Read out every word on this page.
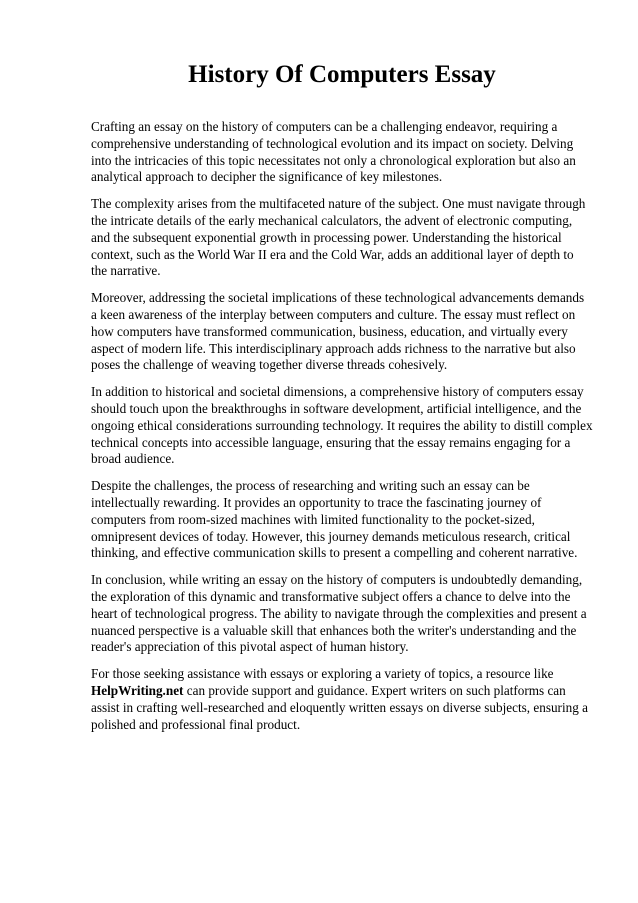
History Of Computers Essay

Crafting an essay on the history of computers can be a challenging endeavor, requiring a comprehensive understanding of technological evolution and its impact on society. Delving into the intricacies of this topic necessitates not only a chronological exploration but also an analytical approach to decipher the significance of key milestones.

The complexity arises from the multifaceted nature of the subject. One must navigate through the intricate details of the early mechanical calculators, the advent of electronic computing, and the subsequent exponential growth in processing power. Understanding the historical context, such as the World War II era and the Cold War, adds an additional layer of depth to the narrative.

Moreover, addressing the societal implications of these technological advancements demands a keen awareness of the interplay between computers and culture. The essay must reflect on how computers have transformed communication, business, education, and virtually every aspect of modern life. This interdisciplinary approach adds richness to the narrative but also poses the challenge of weaving together diverse threads cohesively.

In addition to historical and societal dimensions, a comprehensive history of computers essay should touch upon the breakthroughs in software development, artificial intelligence, and the ongoing ethical considerations surrounding technology. It requires the ability to distill complex technical concepts into accessible language, ensuring that the essay remains engaging for a broad audience.

Despite the challenges, the process of researching and writing such an essay can be intellectually rewarding. It provides an opportunity to trace the fascinating journey of computers from room-sized machines with limited functionality to the pocket-sized, omnipresent devices of today. However, this journey demands meticulous research, critical thinking, and effective communication skills to present a compelling and coherent narrative.

In conclusion, while writing an essay on the history of computers is undoubtedly demanding, the exploration of this dynamic and transformative subject offers a chance to delve into the heart of technological progress. The ability to navigate through the complexities and present a nuanced perspective is a valuable skill that enhances both the writer's understanding and the reader's appreciation of this pivotal aspect of human history.

For those seeking assistance with essays or exploring a variety of topics, a resource like
HelpWriting.net can provide support and guidance. Expert writers on such platforms can assist in crafting well-researched and eloquently written essays on diverse subjects, ensuring a polished and professional final product.
